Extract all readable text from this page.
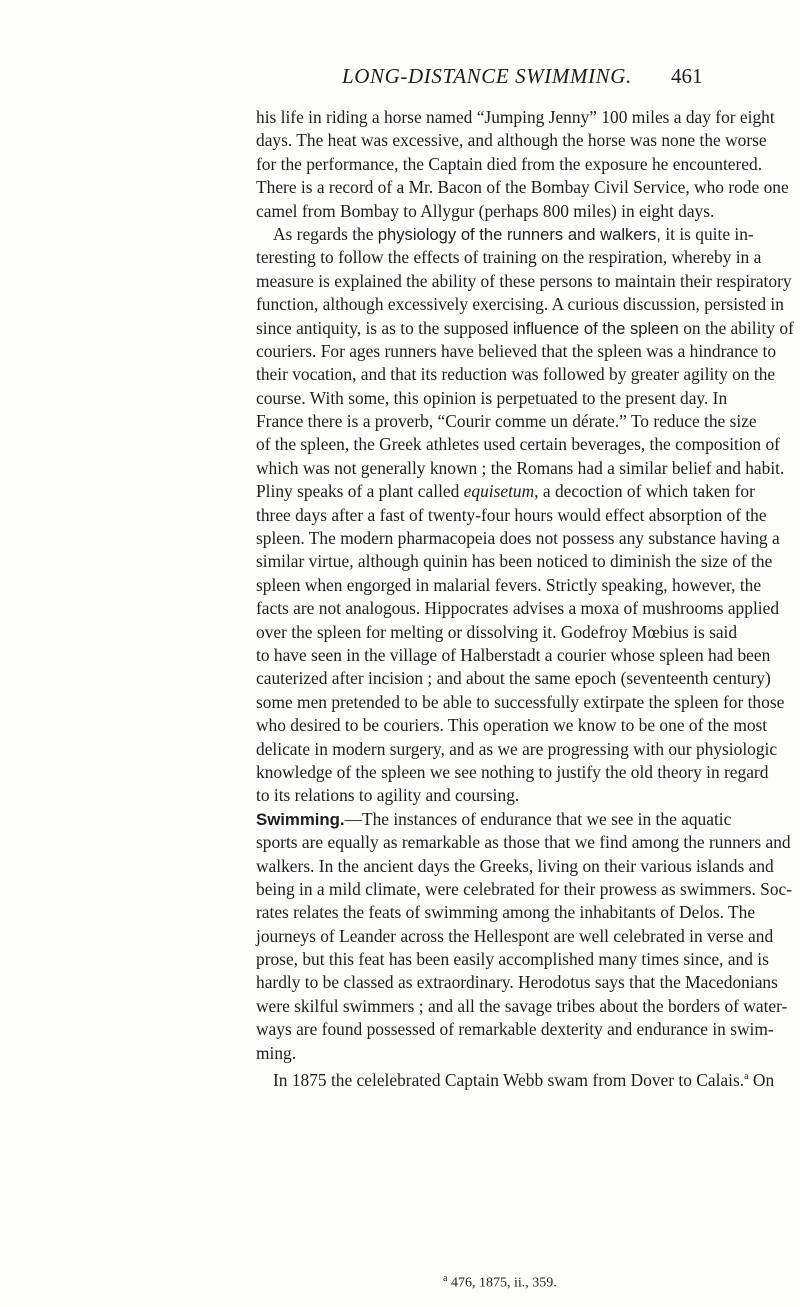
LONG-DISTANCE SWIMMING. 461
his life in riding a horse named “Jumping Jenny” 100 miles a day for eight
days. The heat was excessive, and although the horse was none the worse
for the performance, the Captain died from the exposure he encountered.
There is a record of a Mr. Bacon of the Bombay Civil Service, who rode one
camel from Bombay to Allygur (perhaps 800 miles) in eight days.
As regards the physiology of the runners and walkers, it is quite in-
teresting to follow the effects of training on the respiration, whereby in a
measure is explained the ability of these persons to maintain their respiratory
function, although excessively exercising. A curious discussion, persisted in
since antiquity, is as to the supposed influence of the spleen on the ability of
couriers. For ages runners have believed that the spleen was a hindrance to
their vocation, and that its reduction was followed by greater agility on the
course. With some, this opinion is perpetuated to the present day. In
France there is a proverb, “Courir comme un dérate.” To reduce the size
of the spleen, the Greek athletes used certain beverages, the composition of
which was not generally known ; the Romans had a similar belief and habit.
Pliny speaks of a plant called equisetum, a decoction of which taken for
three days after a fast of twenty-four hours would effect absorption of the
spleen. The modern pharmacopeia does not possess any substance having a
similar virtue, although quinin has been noticed to diminish the size of the
spleen when engorged in malarial fevers. Strictly speaking, however, the
facts are not analogous. Hippocrates advises a moxa of mushrooms applied
over the spleen for melting or dissolving it. Godefroy Mœbius is said
to have seen in the village of Halberstadt a courier whose spleen had been
cauterized after incision ; and about the same epoch (seventeenth century)
some men pretended to be able to successfully extirpate the spleen for those
who desired to be couriers. This operation we know to be one of the most
delicate in modern surgery, and as we are progressing with our physiologic
knowledge of the spleen we see nothing to justify the old theory in regard
to its relations to agility and coursing.
Swimming.—The instances of endurance that we see in the aquatic
sports are equally as remarkable as those that we find among the runners and
walkers. In the ancient days the Greeks, living on their various islands and
being in a mild climate, were celebrated for their prowess as swimmers. Soc-
rates relates the feats of swimming among the inhabitants of Delos. The
journeys of Leander across the Hellespont are well celebrated in verse and
prose, but this feat has been easily accomplished many times since, and is
hardly to be classed as extraordinary. Herodotus says that the Macedonians
were skilful swimmers ; and all the savage tribes about the borders of water-
ways are found possessed of remarkable dexterity and endurance in swim-
ming.
In 1875 the celelebrated Captain Webb swam from Dover to Calais.$^a$ On
$^a$ 476, 1875, ii., 359.
